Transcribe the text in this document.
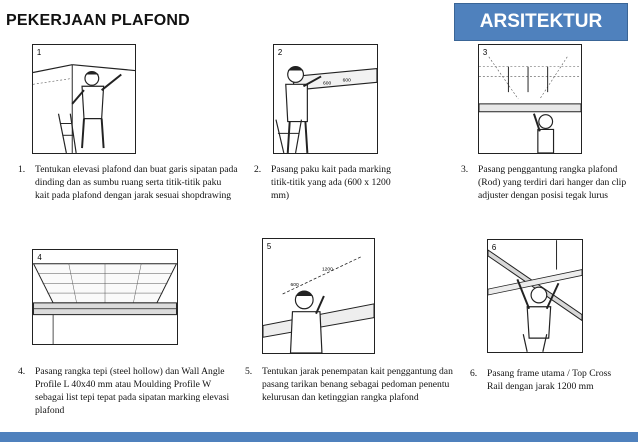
PEKERJAAN PLAFOND	ARSITEKTUR
1	2
600
600
3
4
5
600
1200
6
1. Tentukan elevasi plafond dan buat garis sipatan pada dinding dan as sumbu ruang serta titik-titik paku kait pada plafond dengan jarak sesuai shopdrawing
2. Pasang paku kait pada marking titik-titik yang ada (600 x 1200 mm)
3. Pasang penggantung rangka plafond (Rod) yang terdiri dari hanger dan clip adjuster dengan posisi tegak lurus
4. Pasang rangka tepi (steel hollow) dan Wall Angle Profile L 40x40 mm atau Moulding Profile W sebagai list tepi tepat pada sipatan marking elevasi plafond
5. Tentukan jarak penempatan kait penggantung dan pasang tarikan benang sebagai pedoman penentu kelurusan dan ketinggian rangka plafond
6. Pasang frame utama / Top Cross Rail dengan jarak 1200 mm
